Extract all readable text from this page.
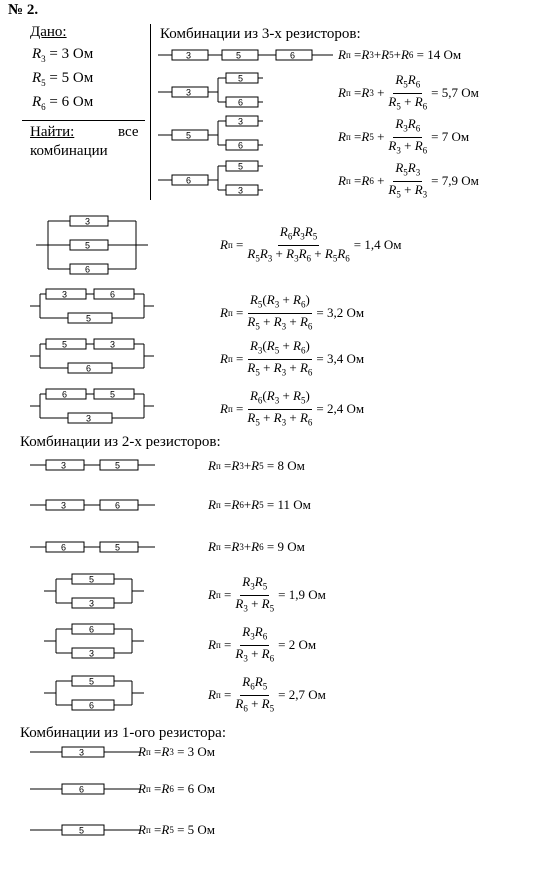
№ 2.
Дано:
$R_3 = 3$ Ом
$R_5 = 5$ Ом
$R_6 = 6$ Ом
Найти:	все
комбинации
Комбинации из 3-х резисторов:
Комбинации из 2-х резисторов:
Комбинации из 1-ого резистора:
3	5	6
3
5
6
5
3
6
6
5
3
3
5
6
3	6
5
5	3
6
6	5
3
3	5
3	6
6	5
5
3
6
3
5
6
3
6
5
R п = R 3 + R 5 + R 6
= 14 Ом
R п = R $3 + \frac{R_5R_6}{R_5 + R_6} = 5,7$ Ом
R п = R $5 + \frac{R_3R_6}{R_3 + R_6} = 7$ Ом
R п = R $6 + \frac{R_5R_3}{R_5 + R_3} = 7,9$ Ом
R $п = \frac{R_6R_3R_5}{R_5R_3 + R_3R_6 + R_5R_6} = 1,4$ Ом
R $п = \frac{R_5(R_3 + R_6)}{R_5 + R_3 + R_6} = 3,2$ Ом
R $п = \frac{R_3(R_5 + R_6)}{R_5 + R_3 + R_6} = 3,4$ Ом
R $п = \frac{R_6(R_3 + R_5)}{R_5 + R_3 + R_6} = 2,4$ Ом
R п = R 3 + R 5
= 8 Ом
R п = R 6 + R 5
= 11 Ом
R п = R 3 + R 6
= 9 Ом
R $п = \frac{R_3R_5}{R_3 + R_5} = 1,9$ Ом
R $п = \frac{R_3R_6}{R_3 + R_6} = 2$ Ом
R $п = \frac{R_6R_5}{R_6 + R_5} = 2,7$ Ом
R п = R 3
= 3 Ом
R п = R 6
= 6 Ом
R п = R 5
= 5 Ом
